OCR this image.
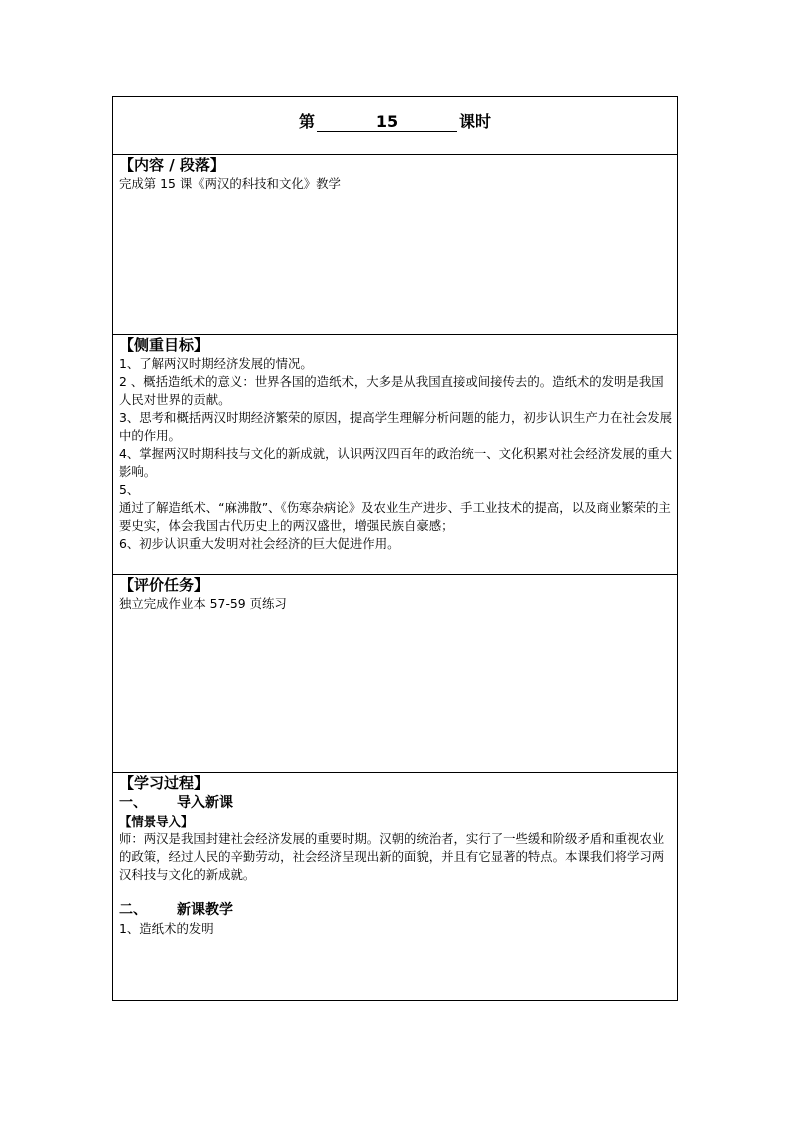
第	15	课时
【内容 / 段落】
完成第 15 课《两汉的科技和文化》教学
【侧重目标】
1、了解两汉时期经济发展的情况。
2 、概括造纸术的意义：世界各国的造纸术，大多是从我国直接或间接传去的。造纸术的发明是我国人民对世界的贡献。
3、思考和概括两汉时期经济繁荣的原因，提高学生理解分析问题的能力，初步认识生产力在社会发展中的作用。
4、掌握两汉时期科技与文化的新成就，认识两汉四百年的政治统一、文化积累对社会经济发展的重大影响。
5、
通过了解造纸术、“麻沸散”、《伤寒杂病论》及农业生产进步、手工业技术的提高，以及商业繁荣的主要史实，体会我国古代历史上的两汉盛世，增强民族自豪感；
6、初步认识重大发明对社会经济的巨大促进作用。
【评价任务】
独立完成作业本 57-59 页练习
【学习过程】
一、 导入新课
【情景导入】
师：两汉是我国封建社会经济发展的重要时期。汉朝的统治者，实行了一些缓和阶级矛盾和重视农业的政策，经过人民的辛勤劳动，社会经济呈现出新的面貌，并且有它显著的特点。本课我们将学习两汉科技与文化的新成就。
二、 新课教学
1、造纸术的发明
